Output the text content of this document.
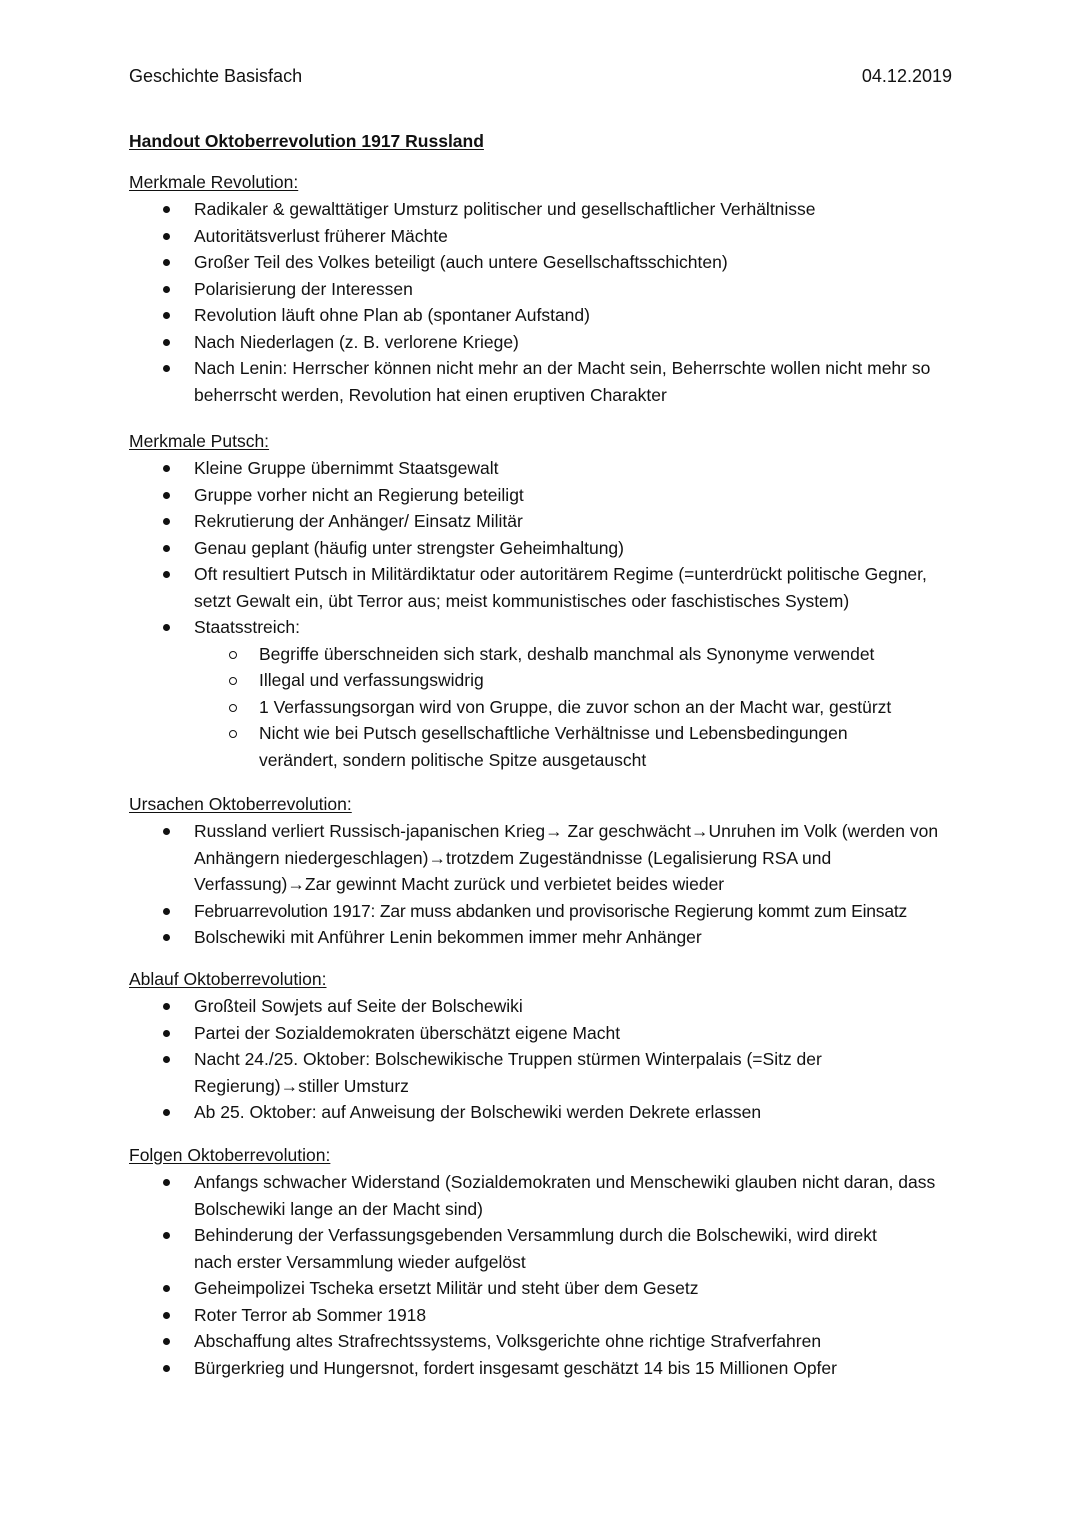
Geschichte Basisfach	04.12.2019
Handout Oktoberrevolution 1917 Russland
Merkmale Revolution:
Radikaler & gewalttätiger Umsturz politischer und gesellschaftlicher Verhältnisse
Autoritätsverlust früherer Mächte
Großer Teil des Volkes beteiligt (auch untere Gesellschaftsschichten)
Polarisierung der Interessen
Revolution läuft ohne Plan ab (spontaner Aufstand)
Nach Niederlagen (z. B. verlorene Kriege)
Nach Lenin: Herrscher können nicht mehr an der Macht sein, Beherrschte wollen nicht mehr so beherrscht werden, Revolution hat einen eruptiven Charakter
Merkmale Putsch:
Kleine Gruppe übernimmt Staatsgewalt
Gruppe vorher nicht an Regierung beteiligt
Rekrutierung der Anhänger/ Einsatz Militär
Genau geplant (häufig unter strengster Geheimhaltung)
Oft resultiert Putsch in Militärdiktatur oder autoritärem Regime (=unterdrückt politische Gegner, setzt Gewalt ein, übt Terror aus; meist kommunistisches oder faschistisches System)
Staatsstreich:
Begriffe überschneiden sich stark, deshalb manchmal als Synonyme verwendet
Illegal und verfassungswidrig
1 Verfassungsorgan wird von Gruppe, die zuvor schon an der Macht war, gestürzt
Nicht wie bei Putsch gesellschaftliche Verhältnisse und Lebensbedingungen verändert, sondern politische Spitze ausgetauscht
Ursachen Oktoberrevolution:
Russland verliert Russisch-japanischen Krieg→ Zar geschwächt→Unruhen im Volk (werden von Anhängern niedergeschlagen)→trotzdem Zugeständnisse (Legalisierung RSA und Verfassung)→Zar gewinnt Macht zurück und verbietet beides wieder
Februarrevolution 1917: Zar muss abdanken und provisorische Regierung kommt zum Einsatz
Bolschewiki mit Anführer Lenin bekommen immer mehr Anhänger
Ablauf Oktoberrevolution:
Großteil Sowjets auf Seite der Bolschewiki
Partei der Sozialdemokraten überschätzt eigene Macht
Nacht 24./25. Oktober: Bolschewikische Truppen stürmen Winterpalais (=Sitz der Regierung)→stiller Umsturz
Ab 25. Oktober: auf Anweisung der Bolschewiki werden Dekrete erlassen
Folgen Oktoberrevolution:
Anfangs schwacher Widerstand (Sozialdemokraten und Menschewiki glauben nicht daran, dass Bolschewiki lange an der Macht sind)
Behinderung der Verfassungsgebenden Versammlung durch die Bolschewiki, wird direkt nach erster Versammlung wieder aufgelöst
Geheimpolizei Tscheka ersetzt Militär und steht über dem Gesetz
Roter Terror ab Sommer 1918
Abschaffung altes Strafrechtssystems, Volksgerichte ohne richtige Strafverfahren
Bürgerkrieg und Hungersnot, fordert insgesamt geschätzt 14 bis 15 Millionen Opfer
